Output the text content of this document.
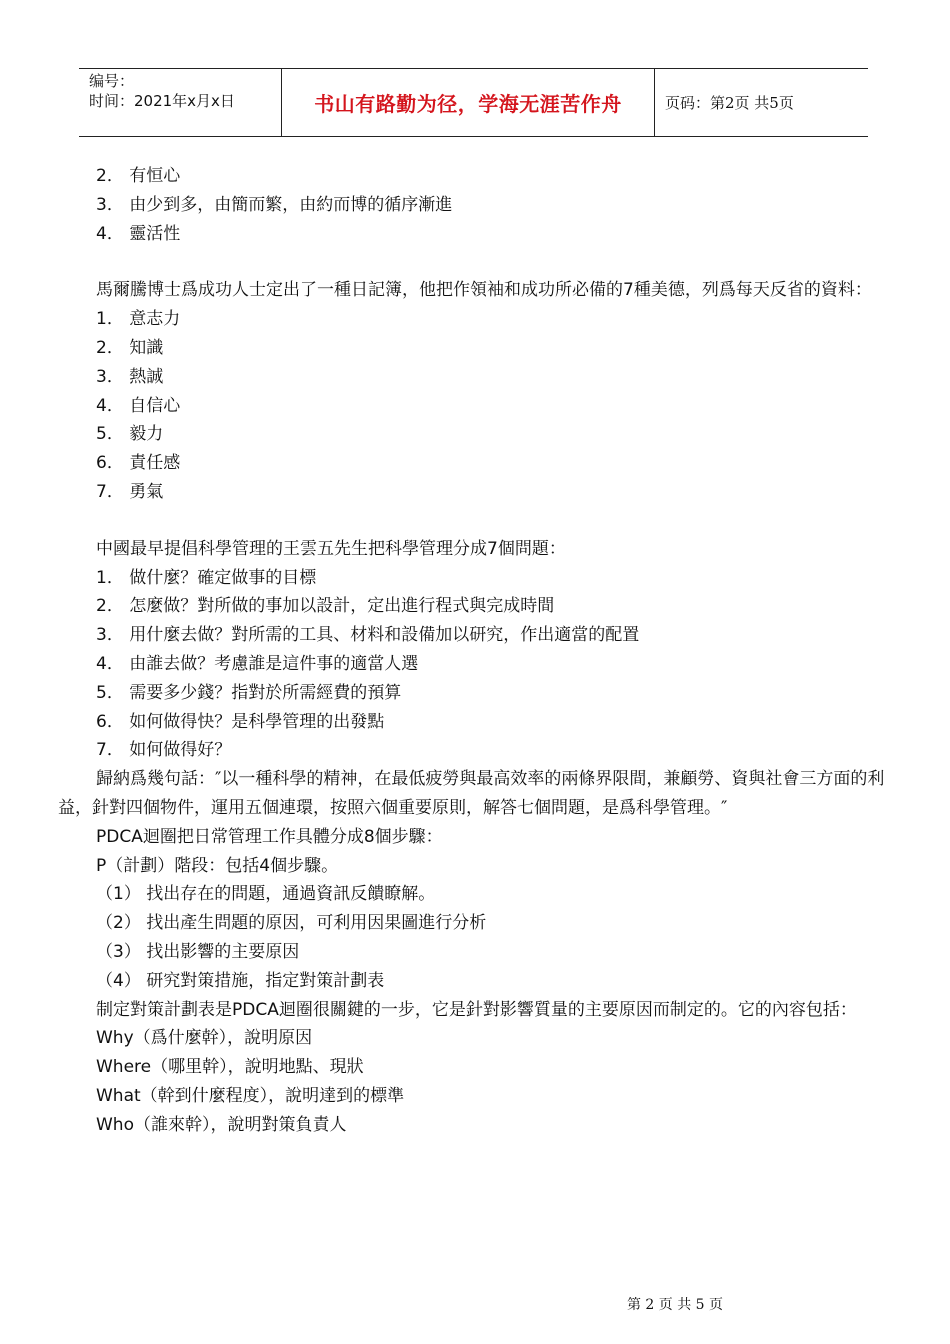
编号：
时间：2021年x月x日	书山有路勤为径，学海无涯苦作舟	页码：第2页 共5页
2． 有恒心
3． 由少到多，由簡而繁，由約而博的循序漸進
4． 靈活性
馬爾騰博士爲成功人士定出了一種日記簿，他把作領袖和成功所必備的7種美德，列爲每天反省的資料：
1． 意志力
2． 知識
3． 熱誠
4． 自信心
5． 毅力
6． 責任感
7． 勇氣
中國最早提倡科學管理的王雲五先生把科學管理分成7個問題：
1． 做什麼？確定做事的目標
2． 怎麼做？對所做的事加以設計，定出進行程式與完成時間
3． 用什麼去做？對所需的工具、材料和設備加以研究，作出適當的配置
4． 由誰去做？考慮誰是這件事的適當人選
5． 需要多少錢？指對於所需經費的預算
6． 如何做得快？是科學管理的出發點
7． 如何做得好？
歸納爲幾句話：″以一種科學的精神，在最低疲勞與最高效率的兩條界限間，兼顧勞、資與社會三方面的利益，針對四個物件，運用五個連環，按照六個重要原則，解答七個問題，是爲科學管理。″
PDCA迴圈把日常管理工作具體分成8個步驟：
P（計劃）階段：包括4個步驟。
（1） 找出存在的問題，通過資訊反饋瞭解。
（2） 找出產生問題的原因，可利用因果圖進行分析
（3） 找出影響的主要原因
（4） 研究對策措施，指定對策計劃表
制定對策計劃表是PDCA迴圈很關鍵的一步，它是針對影響質量的主要原因而制定的。它的內容包括：
Why（爲什麼幹），說明原因
Where（哪里幹），說明地點、現狀
What（幹到什麼程度），說明達到的標準
Who（誰來幹），說明對策負責人
第 2 页 共 5 页
